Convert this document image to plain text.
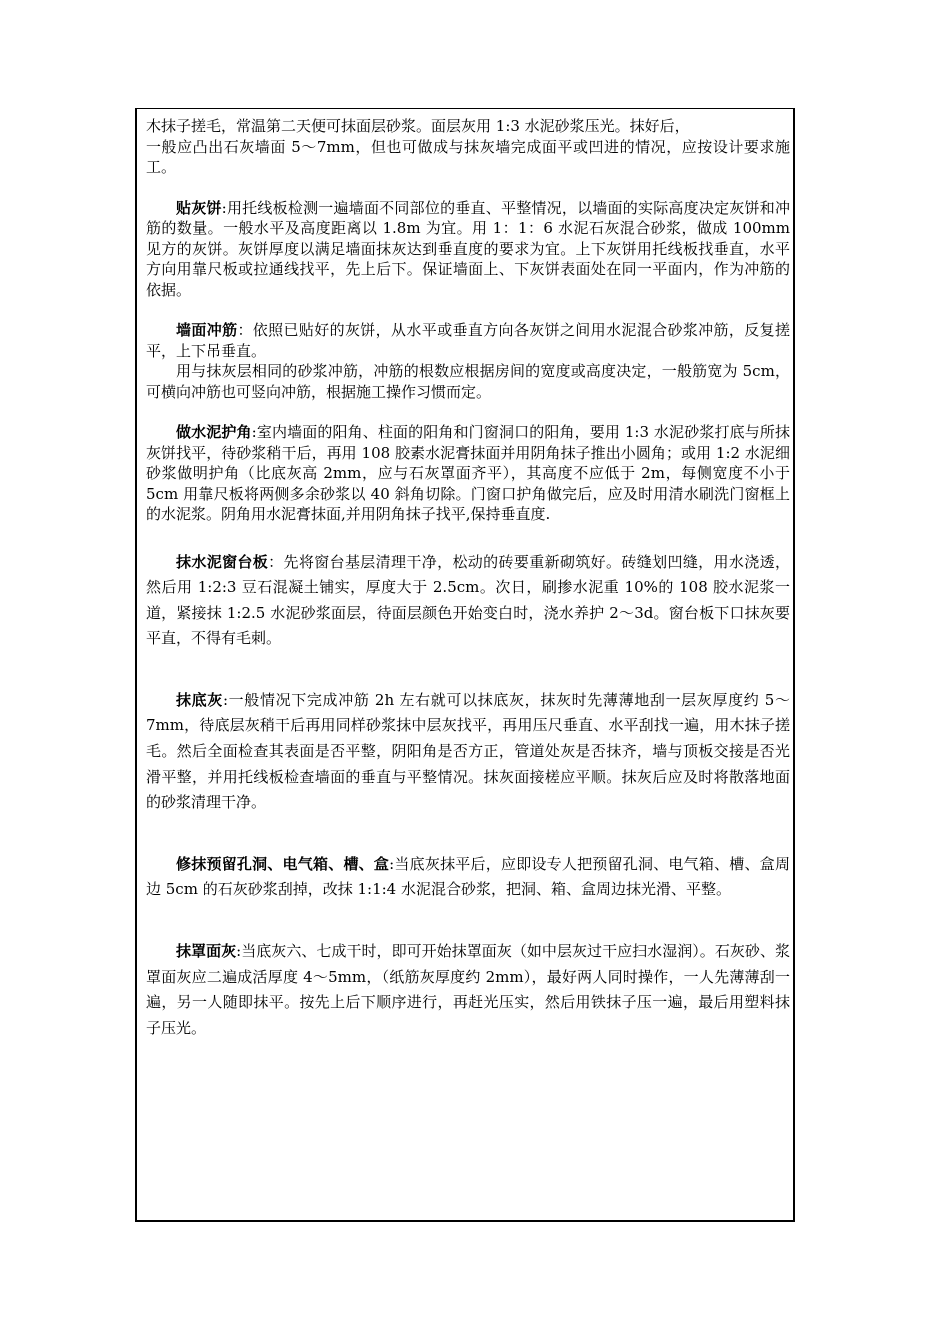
木抹子搓毛，常温第二天便可抹面层砂浆。面层灰用 1:3 水泥砂浆压光。抹好后，

一般应凸出石灰墙面 5～7mm，但也可做成与抹灰墙完成面平或凹进的情况，应按设计要求施工。

贴灰饼:用托线板检测一遍墙面不同部位的垂直、平整情况，以墙面的实际高度决定灰饼和冲筋的数量。一般水平及高度距离以 1.8m 为宜。用 1：1：6 水泥石灰混合砂浆，做成 100mm 见方的灰饼。灰饼厚度以满足墙面抹灰达到垂直度的要求为宜。上下灰饼用托线板找垂直，水平方向用靠尺板或拉通线找平，先上后下。保证墙面上、下灰饼表面处在同一平面内，作为冲筋的依据。

墙面冲筋：依照已贴好的灰饼，从水平或垂直方向各灰饼之间用水泥混合砂浆冲筋，反复搓平，上下吊垂直。

用与抹灰层相同的砂浆冲筋，冲筋的根数应根据房间的宽度或高度决定，一般筋宽为 5cm，可横向冲筋也可竖向冲筋，根据施工操作习惯而定。

做水泥护角:室内墙面的阳角、柱面的阳角和门窗洞口的阳角，要用 1:3 水泥砂浆打底与所抹灰饼找平，待砂浆稍干后，再用 108 胶素水泥膏抹面并用阴角抹子推出小圆角；或用 1:2 水泥细砂浆做明护角（比底灰高 2mm，应与石灰罩面齐平），其高度不应低于 2m，每侧宽度不小于 5cm 用靠尺板将两侧多余砂浆以 40 斜角切除。门窗口护角做完后，应及时用清水刷洗门窗框上的水泥浆。阴角用水泥膏抹面,并用阴角抹子找平,保持垂直度.

抹水泥窗台板：先将窗台基层清理干净，松动的砖要重新砌筑好。砖缝划凹缝，用水浇透，然后用 1:2:3 豆石混凝土铺实，厚度大于 2.5cm。次日，刷掺水泥重 10%的 108 胶水泥浆一道，紧接抹 1:2.5 水泥砂浆面层，待面层颜色开始变白时，浇水养护 2～3d。窗台板下口抹灰要平直，不得有毛刺。

抹底灰:一般情况下完成冲筋 2h 左右就可以抹底灰，抹灰时先薄薄地刮一层灰厚度约 5～7mm，待底层灰稍干后再用同样砂浆抹中层灰找平，再用压尺垂直、水平刮找一遍，用木抹子搓毛。然后全面检查其表面是否平整，阴阳角是否方正，管道处灰是否抹齐，墙与顶板交接是否光滑平整，并用托线板检查墙面的垂直与平整情况。抹灰面接槎应平顺。抹灰后应及时将散落地面的砂浆清理干净。

修抹预留孔洞、电气箱、槽、盒:当底灰抹平后，应即设专人把预留孔洞、电气箱、槽、盒周边 5cm 的石灰砂浆刮掉，改抹 1:1:4 水泥混合砂浆，把洞、箱、盒周边抹光滑、平整。

抹罩面灰:当底灰六、七成干时，即可开始抹罩面灰（如中层灰过干应扫水湿润）。石灰砂、浆罩面灰应二遍成活厚度 4～5mm，（纸筋灰厚度约 2mm），最好两人同时操作，一人先薄薄刮一遍，另一人随即抹平。按先上后下顺序进行，再赶光压实，然后用铁抹子压一遍，最后用塑料抹子压光。
